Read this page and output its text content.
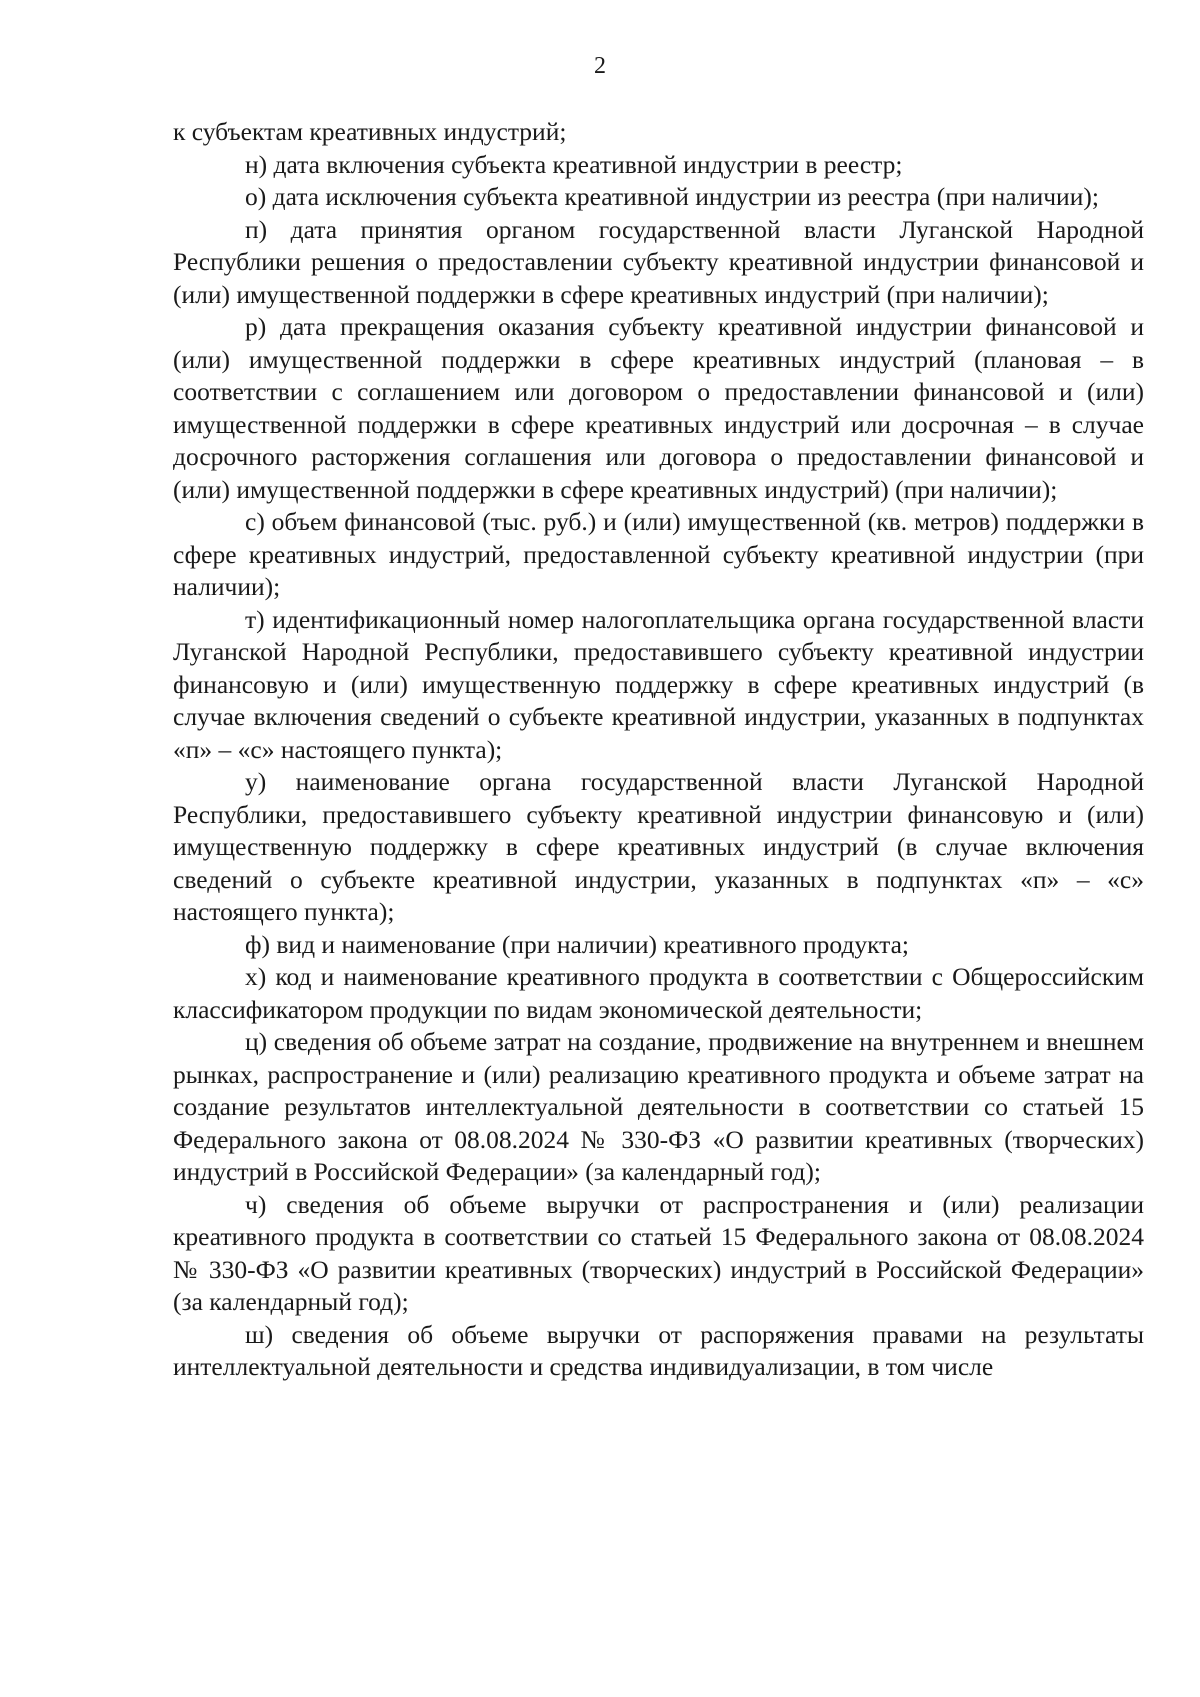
2

к субъектам креативных индустрий;

н) дата включения субъекта креативной индустрии в реестр;

о) дата исключения субъекта креативной индустрии из реестра (при наличии);

п) дата принятия органом государственной власти Луганской Народной Республики решения о предоставлении субъекту креативной индустрии финансовой и (или) имущественной поддержки в сфере креативных индустрий (при наличии);

р) дата прекращения оказания субъекту креативной индустрии финансовой и (или) имущественной поддержки в сфере креативных индустрий (плановая – в соответствии с соглашением или договором о предоставлении финансовой и (или) имущественной поддержки в сфере креативных индустрий или досрочная – в случае досрочного расторжения соглашения или договора о предоставлении финансовой и (или) имущественной поддержки в сфере креативных индустрий) (при наличии);

с) объем финансовой (тыс. руб.) и (или) имущественной (кв. метров) поддержки в сфере креативных индустрий, предоставленной субъекту креативной индустрии (при наличии);

т) идентификационный номер налогоплательщика органа государственной власти Луганской Народной Республики, предоставившего субъекту креативной индустрии финансовую и (или) имущественную поддержку в сфере креативных индустрий (в случае включения сведений о субъекте креативной индустрии, указанных в подпунктах «п» – «с» настоящего пункта);

у) наименование органа государственной власти Луганской Народной Республики, предоставившего субъекту креативной индустрии финансовую и (или) имущественную поддержку в сфере креативных индустрий (в случае включения сведений о субъекте креативной индустрии, указанных в подпунктах «п» – «с» настоящего пункта);

ф) вид и наименование (при наличии) креативного продукта;

х) код и наименование креативного продукта в соответствии с Общероссийским классификатором продукции по видам экономической деятельности;

ц) сведения об объеме затрат на создание, продвижение на внутреннем и внешнем рынках, распространение и (или) реализацию креативного продукта и объеме затрат на создание результатов интеллектуальной деятельности в соответствии со статьей 15 Федерального закона от 08.08.2024 № 330-ФЗ «О развитии креативных (творческих) индустрий в Российской Федерации» (за календарный год);

ч) сведения об объеме выручки от распространения и (или) реализации креативного продукта в соответствии со статьей 15 Федерального закона от 08.08.2024 № 330-ФЗ «О развитии креативных (творческих) индустрий в Российской Федерации» (за календарный год);

ш) сведения об объеме выручки от распоряжения правами на результаты интеллектуальной деятельности и средства индивидуализации, в том числе
